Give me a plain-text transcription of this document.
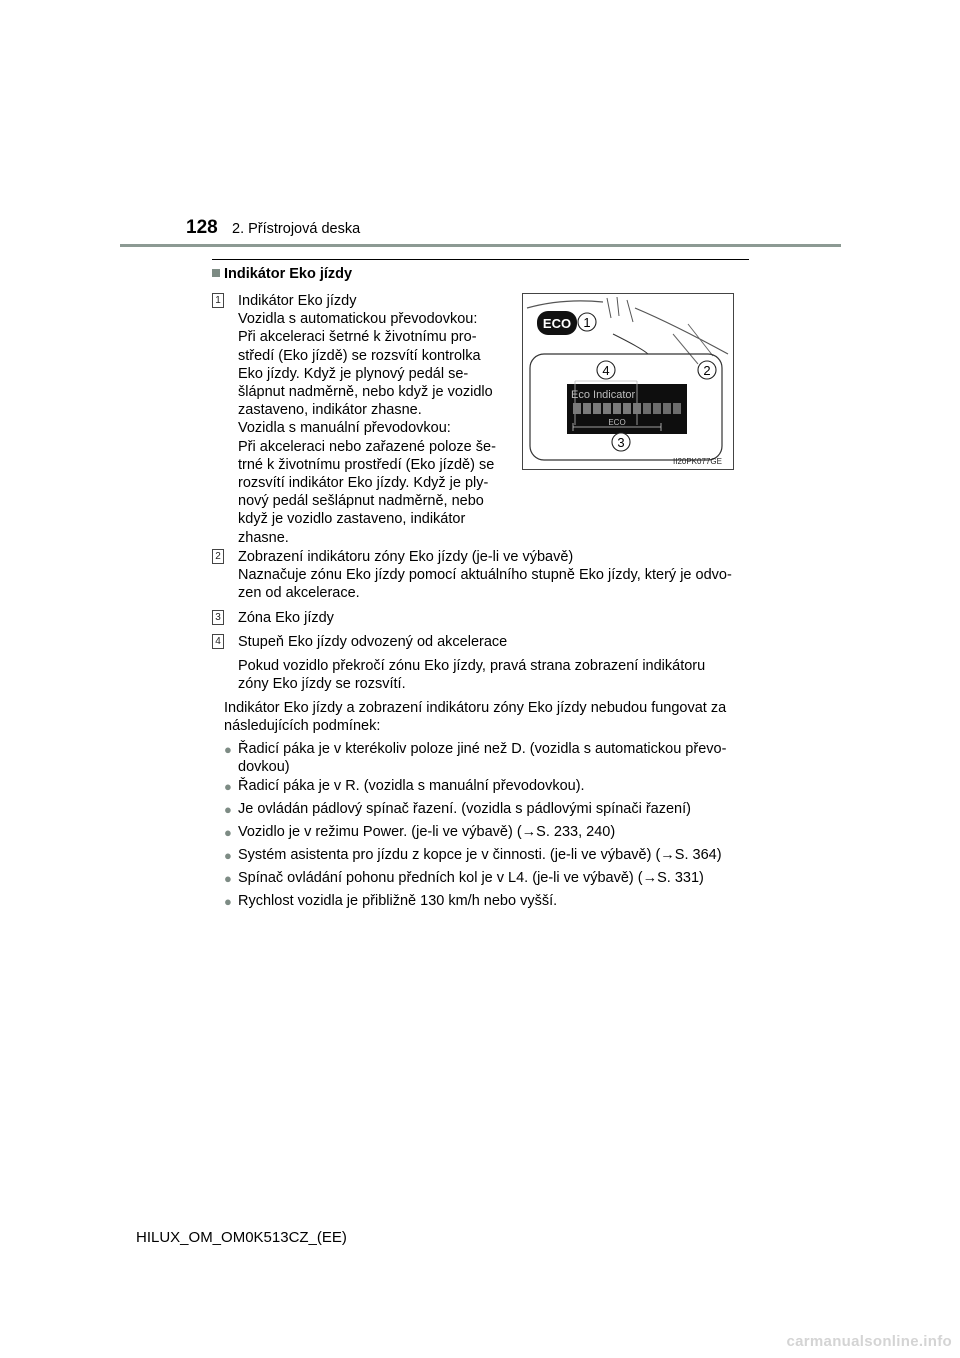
128 2. Přístrojová deska
Indikátor Eko jízdy
1 Indikátor Eko jízdy
Vozidla s automatickou převodovkou:
Při akceleraci šetrné k životnímu pro-
středí (Eko jízdě) se rozsvítí kontrolka
Eko jízdy. Když je plynový pedál se-
šlápnut nadměrně, nebo když je vozidlo
zastaveno, indikátor zhasne.
Vozidla s manuální převodovkou:
Při akceleraci nebo zařazené poloze še-
trné k životnímu prostředí (Eko jízdě) se
rozsvítí indikátor Eko jízdy. Když je ply-
nový pedál sešlápnut nadměrně, nebo
když je vozidlo zastaveno, indikátor
zhasne.
ECO 1
4	2
Eco Indicator
ECO
3
II20PK077GE
2 Zobrazení indikátoru zóny Eko jízdy (je-li ve výbavě)
Naznačuje zónu Eko jízdy pomocí aktuálního stupně Eko jízdy, který je odvo-
zen od akcelerace.
3 Zóna Eko jízdy
4 Stupeň Eko jízdy odvozený od akcelerace
Pokud vozidlo překročí zónu Eko jízdy, pravá strana zobrazení indikátoru
zóny Eko jízdy se rozsvítí.
Indikátor Eko jízdy a zobrazení indikátoru zóny Eko jízdy nebudou fungovat za
následujících podmínek:
● Řadicí páka je v kterékoliv poloze jiné než D. (vozidla s automatickou převo-
dovkou)
● Řadicí páka je v R. (vozidla s manuální převodovkou).
● Je ovládán pádlový spínač řazení. (vozidla s pádlovými spínači řazení)
● Vozidlo je v režimu Power. (je-li ve výbavě) (→S. 233, 240)
● Systém asistenta pro jízdu z kopce je v činnosti. (je-li ve výbavě) (→S. 364)
● Spínač ovládání pohonu předních kol je v L4. (je-li ve výbavě) (→S. 331)
● Rychlost vozidla je přibližně 130 km/h nebo vyšší.
HILUX_OM_OM0K513CZ_(EE)
carmanualsonline.info
